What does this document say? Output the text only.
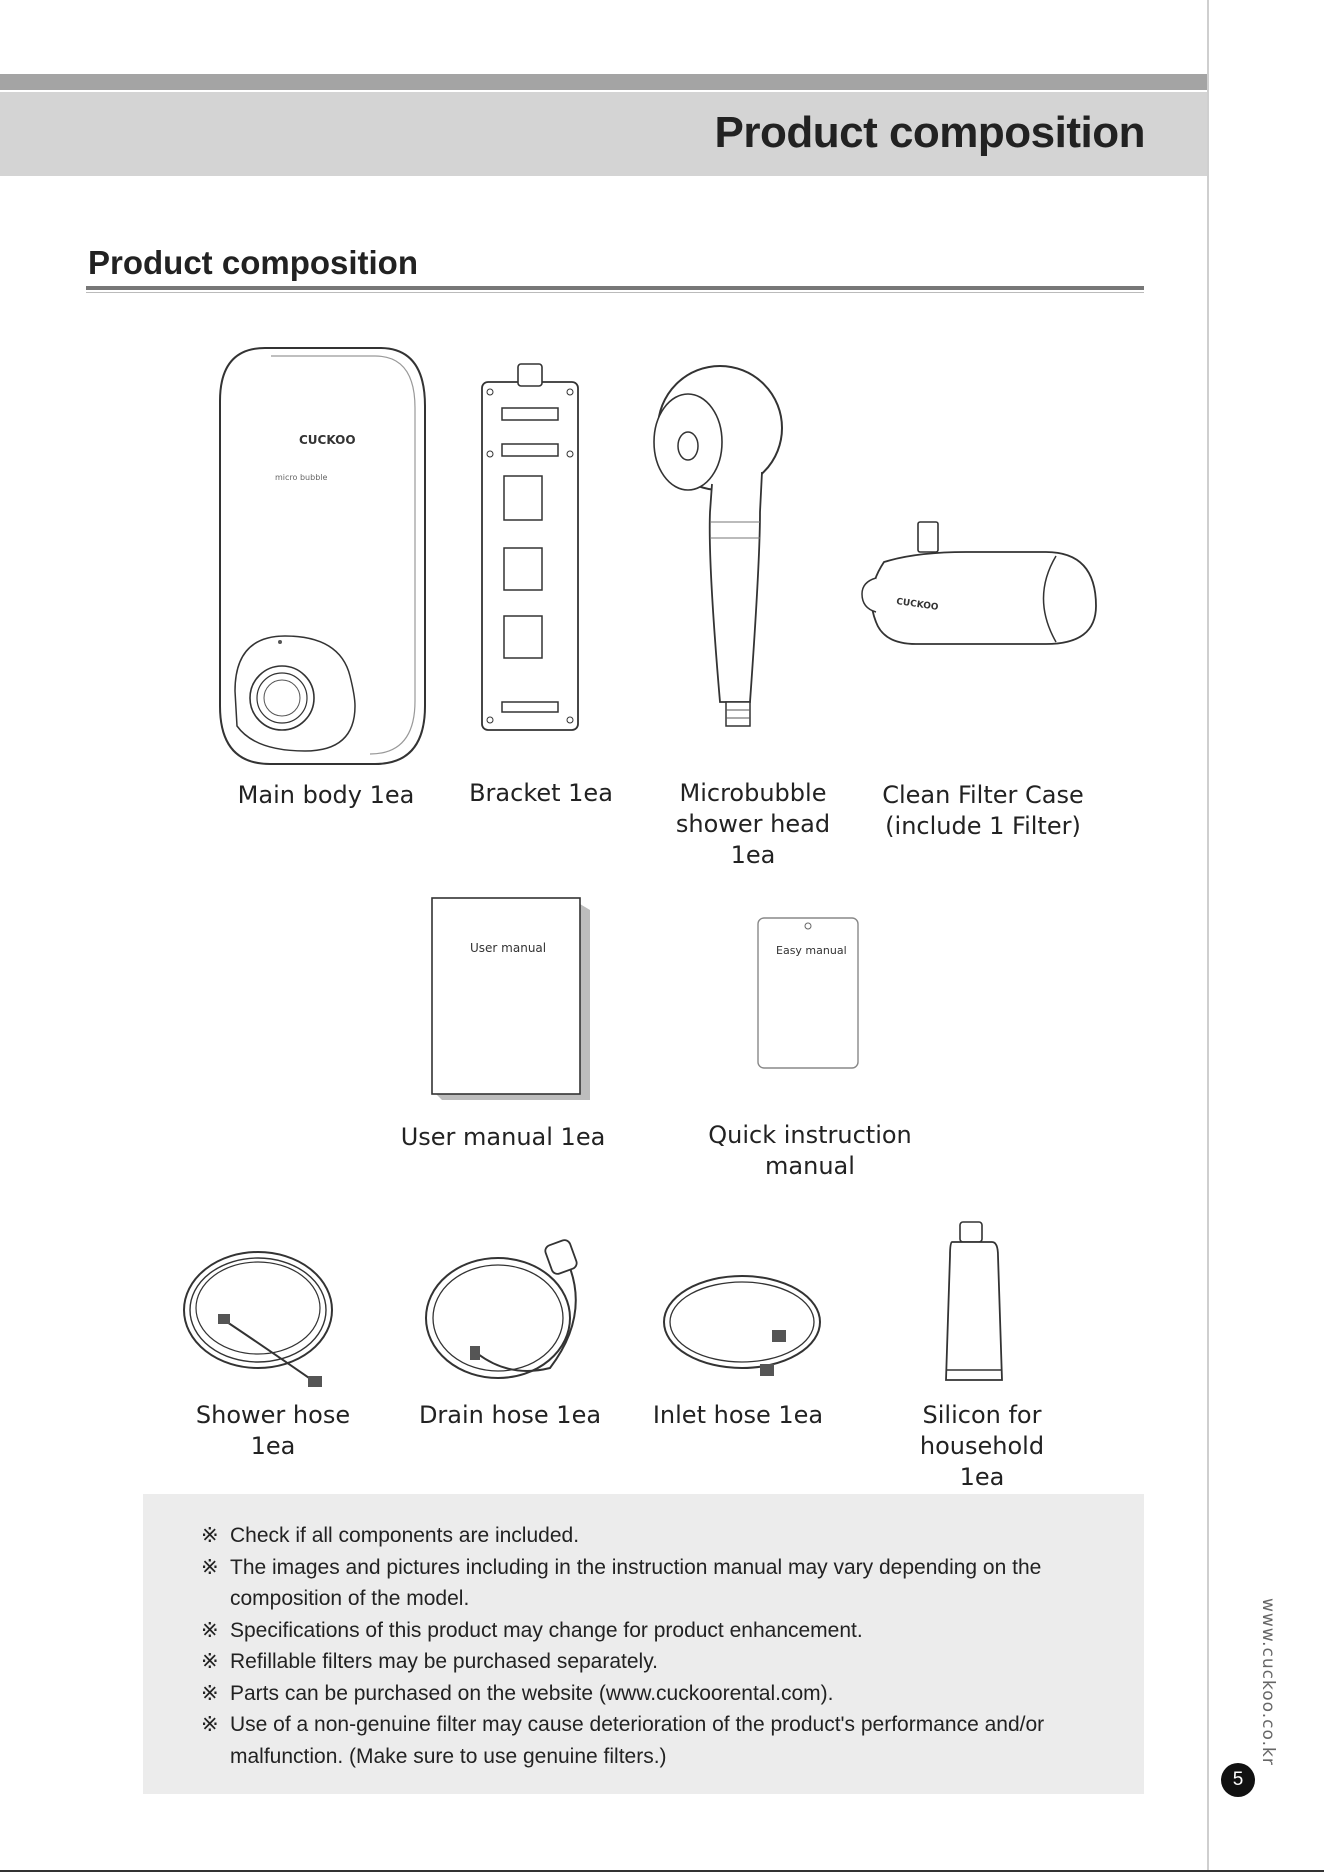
Product composition
Product composition
CUCKOO
micro bubble
CUCKOO
User manual	Easy manual
Main body 1ea	Bracket 1ea	Microbubble
shower head 1ea
Clean Filter Case
(include 1 Filter)
User manual 1ea	Quick instruction
manual
Shower hose 1ea
Drain hose 1ea Inlet hose 1ea	Silicon for household
1ea
※ Check if all components are included.
※ The images and pictures including in the instruction manual may vary depending on the composition of the model.
※ Specifications of this product may change for product enhancement.
※ Refillable filters may be purchased separately.
※ Parts can be purchased on the website (www.cuckoorental.com).
※ Use of a non-genuine filter may cause deterioration of the product's performance and/or malfunction. (Make sure to use genuine filters.)	www.cuckoo.co.kr
5
